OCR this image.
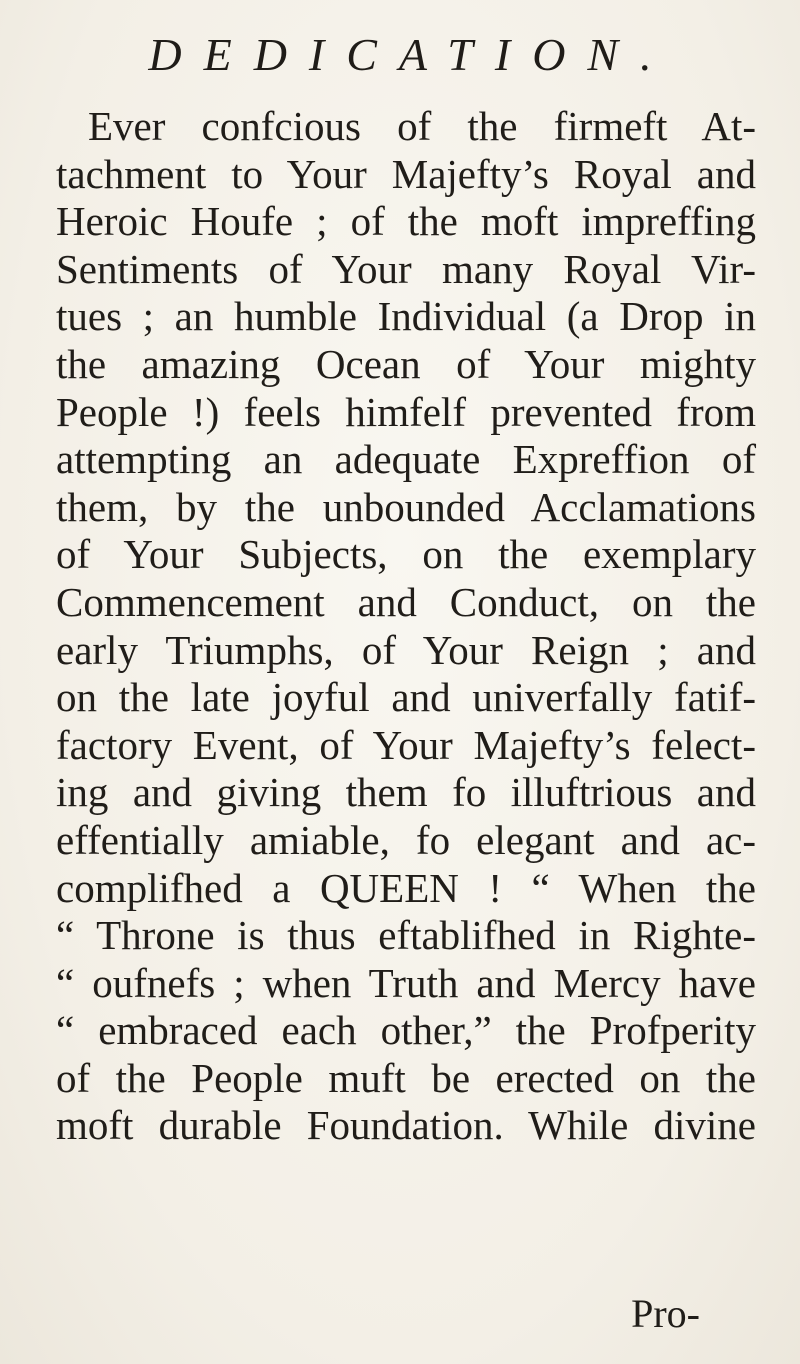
DEDICATION.
Ever confcious of the firmeft At-
tachment to Your Majefty’s Royal and
Heroic Houfe ; of the moft impreffing
Sentiments of Your many Royal Vir-
tues ; an humble Individual (a Drop in
the amazing Ocean of Your mighty
People !) feels himfelf prevented from
attempting an adequate Expreffion of
them, by the unbounded Acclamations
of Your Subjects, on the exemplary
Commencement and Conduct, on the
early Triumphs, of Your Reign ; and
on the late joyful and univerfally fatif-
factory Event, of Your Majefty’s felect-
ing and giving them fo illuftrious and
effentially amiable, fo elegant and ac-
complifhed a QUEEN ! “ When the
“ Throne is thus eftablifhed in Righte-
“ oufnefs ; when Truth and Mercy have
“ embraced each other,” the Profperity
of the People muft be erected on the
moft durable Foundation. While divine
Pro-
